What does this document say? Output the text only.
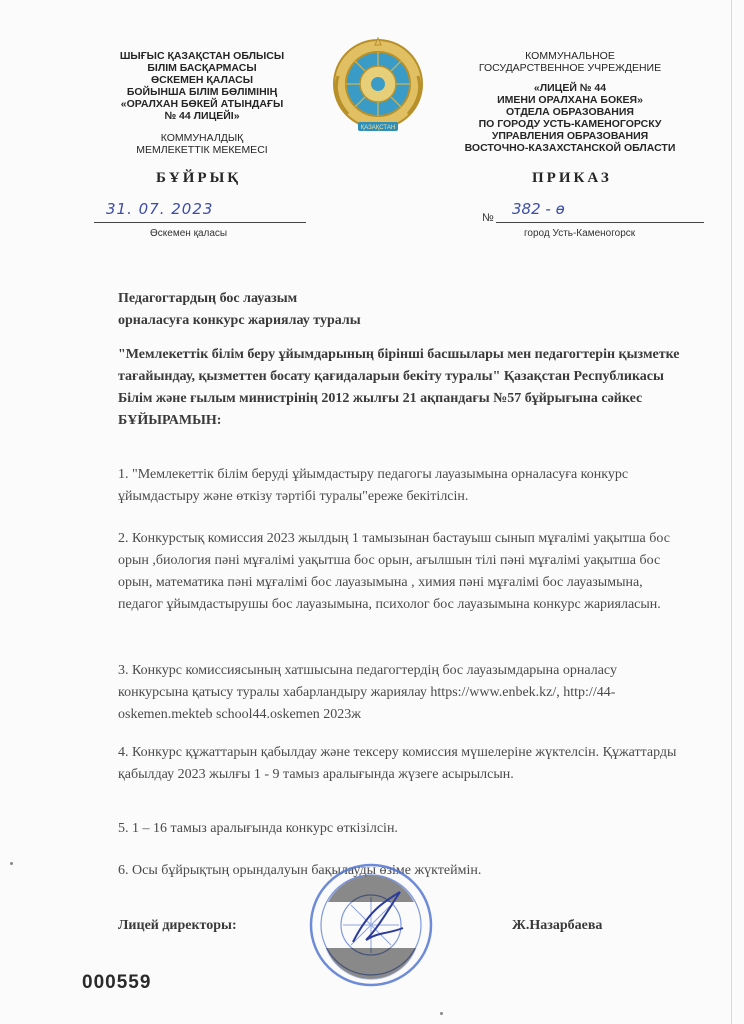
ШЫҒЫС ҚАЗАҚСТАН ОБЛЫСЫ
БІЛІМ БАСҚАРМАСЫ
ӨСКЕМЕН ҚАЛАСЫ
БОЙЫНША БІЛІМ БӨЛІМІНІҢ
«ОРАЛХАН БӨКЕЙ АТЫНДАҒЫ
№ 44 ЛИЦЕЙІ»
КОММУНАЛДЫҚ
МЕМЛЕКЕТТІК МЕКЕМЕСІ
ҚАЗАҚСТАН
КОММУНАЛЬНОЕ
ГОСУДАРСТВЕННОЕ УЧРЕЖДЕНИЕ
«ЛИЦЕЙ № 44
ИМЕНИ ОРАЛХАНА БОКЕЯ»
ОТДЕЛА ОБРАЗОВАНИЯ
ПО ГОРОДУ УСТЬ-КАМЕНОГОРСКУ
УПРАВЛЕНИЯ ОБРАЗОВАНИЯ
ВОСТОЧНО-КАЗАХСТАНСКОЙ ОБЛАСТИ
БҰЙРЫҚ	ПРИКАЗ
31. 07. 2023
Өскемен қаласы
№ 382 - ө
город Усть-Каменогорск
Педагогтардың бос лауазым
орналасуға конкурс жариялау туралы
"Мемлекеттік білім беру ұйымдарының бірінші басшылары мен педагогтерін қызметке тағайындау, қызметтен босату қағидаларын бекіту туралы" Қазақстан Республикасы Білім және ғылым министрінің 2012 жылғы 21 ақпандағы №57 бұйрығына сәйкес
БҰЙЫРАМЫН:
1. "Мемлекеттік білім беруді ұйымдастыру педагогы лауазымына орналасуға конкурс ұйымдастыру және өткізу тәртібі туралы"ереже бекітілсін.
2. Конкурстық комиссия 2023 жылдың 1 тамызынан бастауыш сынып мұғалімі уақытша бос орын ,биология пәні мұғалімі уақытша бос орын, ағылшын тілі пәні мұғалімі уақытша бос орын, математика пәні мұғалімі бос лауазымына , химия пәні мұғалімі бос лауазымына, педагог ұйымдастырушы бос лауазымына, психолог бос лауазымына конкурс жарияласын.
3. Конкурс комиссиясының хатшысына педагогтердің бос лауазымдарына орналасу конкурсына қатысу туралы хабарландыру жариялау https://www.enbek.kz/, http://44-oskemen.mekteb school44.oskemen 2023ж
4. Конкурс құжаттарын қабылдау және тексеру комиссия мүшелеріне жүктелсін. Құжаттарды қабылдау 2023 жылғы 1 - 9 тамыз аралығында жүзеге асырылсын.
5. 1 – 16 тамыз аралығында конкурс өткізілсін.
6. Осы бұйрықтың орындалуын бақылауды өзіме жүктеймін.
Лицей директоры:	Ж.Назарбаева
000559
